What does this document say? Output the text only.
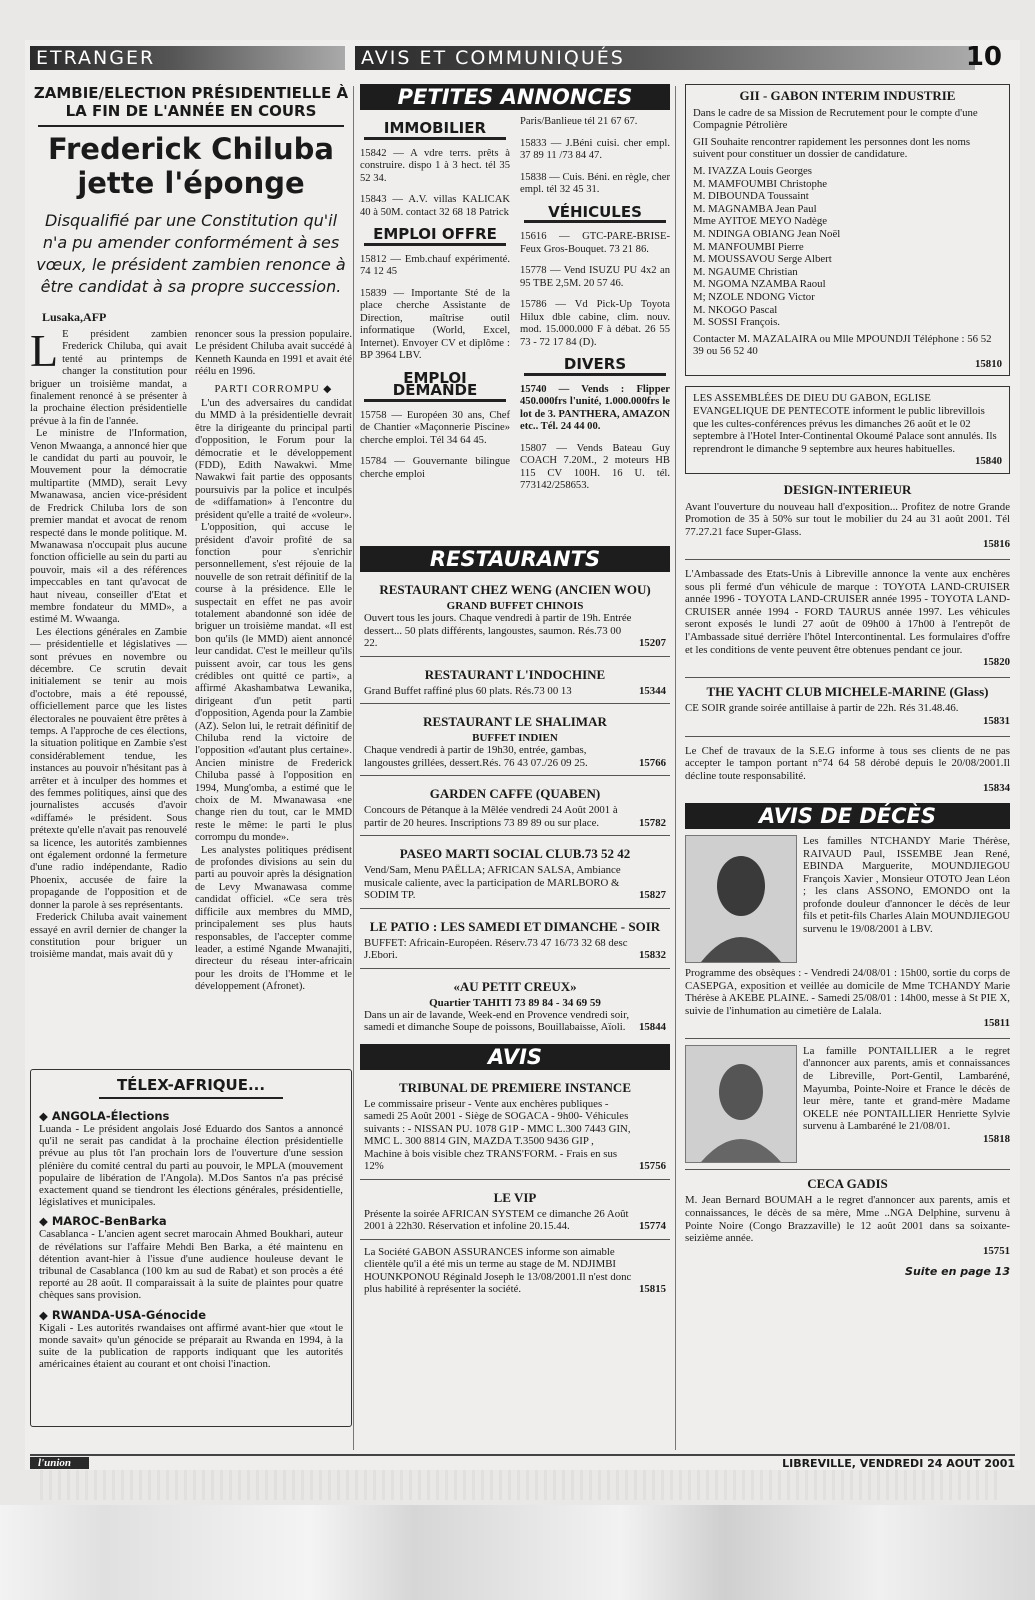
ETRANGER	AVIS ET COMMUNIQUÉS	10
ZAMBIE/ELECTION PRÉSIDENTIELLE À
LA FIN DE L'ANNÉE EN COURS
Frederick Chiluba jette l'éponge
Disqualifié par une Constitution qu'il n'a pu amender conformément à ses vœux, le président zambien renonce à être candidat à sa propre succession.
Lusaka,AFP

L E président zambien Frederick Chiluba, qui avait tenté au printemps de changer la constitution pour briguer un troisième mandat, a finalement renoncé à se présenter à la prochaine élection présidentielle prévue à la fin de l'année.

Le ministre de l'Information, Venon Mwaanga, a annoncé hier que le candidat du parti au pouvoir, le Mouvement pour la démocratie multipartite (MMD), serait Levy Mwanawasa, ancien vice-président de Fredrick Chiluba lors de son premier mandat et avocat de renom respecté dans le monde politique. M. Mwanawasa n'occupait plus aucune fonction officielle au sein du parti au pouvoir, mais «il a des références impeccables en tant qu'avocat de haut niveau, conseiller d'Etat et membre fondateur du MMD», a estimé M. Wwaanga.

Les élections générales en Zambie — présidentielle et législatives — sont prévues en novembre ou décembre. Ce scrutin devait initialement se tenir au mois d'octobre, mais a été repoussé, officiellement parce que les listes électorales ne pouvaient être prêtes à temps. A l'approche de ces élections, la situation politique en Zambie s'est considérablement tendue, les instances au pouvoir n'hésitant pas à arrêter et à inculper des hommes et des femmes politiques, ainsi que des journalistes accusés d'avoir «diffamé» le président. Sous prétexte qu'elle n'avait pas renouvelé sa licence, les autorités zambiennes ont également ordonné la fermeture d'une radio indépendante, Radio Phoenix, accusée de faire la propagande de l'opposition et de donner la parole à ses représentants.

Frederick Chiluba avait vainement essayé en avril dernier de changer la constitution pour briguer un troisième mandat, mais avait dû y

renoncer sous la pression populaire. Le président Chiluba avait succédé à Kenneth Kaunda en 1991 et avait été réélu en 1996.

PARTI CORROMPU ◆

L'un des adversaires du candidat du MMD à la présidentielle devrait être la dirigeante du principal parti d'opposition, le Forum pour la démocratie et le développement (FDD), Edith Nawakwi. Mme Nawakwi fait partie des opposants poursuivis par la police et inculpés de «diffamation» à l'encontre du président qu'elle a traité de «voleur».

L'opposition, qui accuse le président d'avoir profité de sa fonction pour s'enrichir personnellement, s'est réjouie de la nouvelle de son retrait définitif de la course à la présidence. Elle le suspectait en effet ne pas avoir totalement abandonné son idée de briguer un troisième mandat. «Il est bon qu'ils (le MMD) aient annoncé leur candidat. C'est le meilleur qu'ils puissent avoir, car tous les gens crédibles ont quitté ce parti», a affirmé Akashambatwa Lewanika, dirigeant d'un petit parti d'opposition, Agenda pour la Zambie (AZ). Selon lui, le retrait définitif de Chiluba rend la victoire de l'opposition «d'autant plus certaine». Ancien ministre de Frederick Chiluba passé à l'opposition en 1994, Mung'omba, a estimé que le choix de M. Mwanawasa «ne change rien du tout, car le MMD reste le même: le parti le plus corrompu du monde».

Les analystes politiques prédisent de profondes divisions au sein du parti au pouvoir après la désignation de Levy Mwanawasa comme candidat officiel. «Ce sera très difficile aux membres du MMD, principalement ses plus hauts responsables, de l'accepter comme leader, a estimé Ngande Mwanajiti, directeur du réseau inter-africain pour les droits de l'Homme et le développement (Afronet).

TÉLEX-AFRIQUE...
◆ ANGOLA-Élections
Luanda - Le président angolais José Eduardo dos Santos a annoncé qu'il ne serait pas candidat à la prochaine élection présidentielle prévue au plus tôt l'an prochain lors de l'ouverture d'une session plénière du comité central du parti au pouvoir, le MPLA (mouvement populaire de libération de l'Angola). M.Dos Santos n'a pas précisé exactement quand se tiendront les élections générales, présidentielle, législatives et municipales.
◆ MAROC-BenBarka
Casablanca - L'ancien agent secret marocain Ahmed Boukhari, auteur de révélations sur l'affaire Mehdi Ben Barka, a été maintenu en détention avant-hier à l'issue d'une audience houleuse devant le tribunal de Casablanca (100 km au sud de Rabat) et son procès a été reporté au 28 août. Il comparaissait à la suite de plaintes pour quatre chèques sans provision.
◆ RWANDA-USA-Génocide
Kigali - Les autorités rwandaises ont affirmé avant-hier que «tout le monde savait» qu'un génocide se préparait au Rwanda en 1994, à la suite de la publication de rapports indiquant que les autorités américaines étaient au courant et ont choisi l'inaction.
PETITES ANNONCES
IMMOBILIER
15842 — A vdre terrs. prêts à construire. dispo 1 à 3 hect. tél 35 52 34.
15843 — A.V. villas KALICAK 40 à 50M. contact 32 68 18 Patrick
EMPLOI OFFRE
15812 — Emb.chauf expérimenté. 74 12 45
15839 — Importante Sté de la place cherche Assistante de Direction, maîtrise outil informatique (World, Excel, Internet). Envoyer CV et diplôme : BP 3964 LBV.
EMPLOI DEMANDE
15758 — Européen 30 ans, Chef de Chantier «Maçonnerie Piscine» cherche emploi. Tél 34 64 45.
15784 — Gouvernante bilingue cherche emploi
Paris/Banlieue tél 21 67 67.
15833 — J.Béni cuisi. cher empl. 37 89 11 /73 84 47.
15838 — Cuis. Béni. en règle, cher empl. tél 32 45 31.
VÉHICULES
15616 — GTC-PARE-BRISE-Feux Gros-Bouquet. 73 21 86.
15778 — Vend ISUZU PU 4x2 an 95 TBE 2,5M. 20 57 46.
15786 — Vd Pick-Up Toyota Hilux dble cabine, clim. nouv. mod. 15.000.000 F à débat. 26 55 73 - 72 17 84 (D).
DIVERS
15740 — Vends : Flipper 450.000frs l'unité, 1.000.000frs le lot de 3. PANTHERA, AMAZON etc.. Tél. 24 44 00.
15807 — Vends Bateau Guy COACH 7.20M., 2 moteurs HB 115 CV 100H. 16 U. tél. 773142/258653.
RESTAURANTS
RESTAURANT CHEZ WENG (ANCIEN WOU)
GRAND BUFFET CHINOIS
Ouvert tous les jours. Chaque vendredi à partir de 19h. Entrée dessert... 50 plats différents, langoustes, saumon. Rés.73 00 22.	15207
RESTAURANT L'INDOCHINE
Grand Buffet raffiné plus 60 plats. Rés.73 00 13	15344
RESTAURANT LE SHALIMAR
BUFFET INDIEN
Chaque vendredi à partir de 19h30, entrée, gambas, langoustes grillées, dessert.Rés. 76 43 07./26 09 25.	15766
GARDEN CAFFE (QUABEN)
Concours de Pétanque à la Mêlée vendredi 24 Août 2001 à partir de 20 heures. Inscriptions 73 89 89 ou sur place.	15782
PASEO MARTI SOCIAL CLUB.73 52 42
Vend/Sam, Menu PAËLLA; AFRICAN SALSA, Ambiance musicale caliente, avec la participation de MARLBORO & SODIM TP.	15827
LE PATIO : LES SAMEDI ET DIMANCHE - SOIR
BUFFET: Africain-Européen. Réserv.73 47 16/73 32 68 desc J.Ebori.	15832
«AU PETIT CREUX»
Quartier TAHITI 73 89 84 - 34 69 59
Dans un air de lavande, Week-end en Provence vendredi soir, samedi et dimanche Soupe de poissons, Bouillabaisse, Aïoli.	15844
AVIS
TRIBUNAL DE PREMIERE INSTANCE
Le commissaire priseur - Vente aux enchères publiques - samedi 25 Août 2001 - Siège de SOGACA - 9h00- Véhicules suivants : - NISSAN PU. 1078 G1P - MMC L.300 7443 GIN, MMC L. 300 8814 GIN, MAZDA T.3500 9436 GIP , Machine à bois visible chez TRANS'FORM. - Frais en sus 12%	15756
LE VIP
Présente la soirée AFRICAN SYSTEM ce dimanche 26 Août 2001 à 22h30. Réservation et infoline 20.15.44.	15774
La Société GABON ASSURANCES informe son aimable clientèle qu'il a été mis un terme au stage de M. NDJIMBI HOUNKPONOU Réginald Joseph le 13/08/2001.Il n'est donc plus habilité à représenter la société.	15815
GII - GABON INTERIM INDUSTRIE
Dans le cadre de sa Mission de Recrutement pour le compte d'une Compagnie Pétrolière
GII Souhaite rencontrer rapidement les personnes dont les noms suivent pour constituer un dossier de candidature.
M. IVAZZA Louis Georges
M. MAMFOUMBI Christophe
M. DIBOUNDA Toussaint
M. MAGNAMBA Jean Paul
Mme AYITOE MEYO Nadège
M. NDINGA OBIANG Jean Noël
M. MANFOUMBI Pierre
M. MOUSSAVOU Serge Albert
M. NGAUME Christian
M. NGOMA NZAMBA Raoul
M; NZOLE NDONG Victor
M. NKOGO Pascal
M. SOSSI François.
Contacter M. MAZALAIRA ou Mlle MPOUNDJI Téléphone : 56 52 39 ou 56 52 40
15810
LES ASSEMBLÉES DE DIEU DU GABON, EGLISE EVANGELIQUE DE PENTECOTE informent le public librevillois que les cultes-conférences prévus les dimanches 26 août et le 02 septembre à l'Hotel Inter-Continental Okoumé Palace sont annulés. Ils reprendront le dimanche 9 septembre aux heures habituelles.
15840
DESIGN-INTERIEUR
Avant l'ouverture du nouveau hall d'exposition... Profitez de notre Grande Promotion de 35 à 50% sur tout le mobilier du 24 au 31 août 2001. Tél 77.27.21 face Super-Glass.
15816
L'Ambassade des Etats-Unis à Libreville annonce la vente aux enchères sous pli fermé d'un véhicule de marque : TOYOTA LAND-CRUISER année 1996 - TOYOTA LAND-CRUISER année 1995 - TOYOTA LAND-CRUISER année 1994 - FORD TAURUS année 1997. Les véhicules seront exposés le lundi 27 août de 09h00 à 17h00 à l'entrepôt de l'Ambassade situé derrière l'hôtel Intercontinental. Les formulaires d'offre et les conditions de vente peuvent être obtenues pendant ce jour.
15820
THE YACHT CLUB MICHELE-MARINE (Glass)
CE SOIR grande soirée antillaise à partir de 22h. Rés 31.48.46.
15831
Le Chef de travaux de la S.E.G informe à tous ses clients de ne pas accepter le tampon portant n°74 64 58 dérobé depuis le 20/08/2001.Il décline toute responsabilité.
15834
AVIS DE DÉCÈS
Les familles NTCHANDY Marie Thérèse, RAIVAUD Paul, ISSEMBE Jean René, EBINDA Marguerite, MOUNDJIEGOU François Xavier , Monsieur OTOTO Jean Léon ; les clans ASSONO, EMONDO ont la profonde douleur d'annoncer le décès de leur fils et petit-fils Charles Alain MOUNDJIEGOU survenu le 19/08/2001 à LBV.
Programme des obsèques : - Vendredi 24/08/01 : 15h00, sortie du corps de CASEPGA, exposition et veillée au domicile de Mme TCHANDY Marie Thérèse à AKEBE PLAINE. - Samedi 25/08/01 : 14h00, messe à St PIE X, suivie de l'inhumation au cimetière de Lalala.
15811
La famille PONTAILLIER a le regret d'annoncer aux parents, amis et connaissances de Libreville, Port-Gentil, Lambaréné, Mayumba, Pointe-Noire et France le décès de leur mère, tante et grand-mère Madame OKELE née PONTAILLIER Henriette Sylvie survenu à Lambaréné le 21/08/01.
15818
CECA GADIS
M. Jean Bernard BOUMAH a le regret d'annoncer aux parents, amis et connaissances, le décès de sa mère, Mme ..NGA Delphine, survenu à Pointe Noire (Congo Brazzaville) le 12 août 2001 dans sa soixante-seizième année.
15751
Suite en page 13
l'union	LIBREVILLE, VENDREDI 24 AOUT 2001
